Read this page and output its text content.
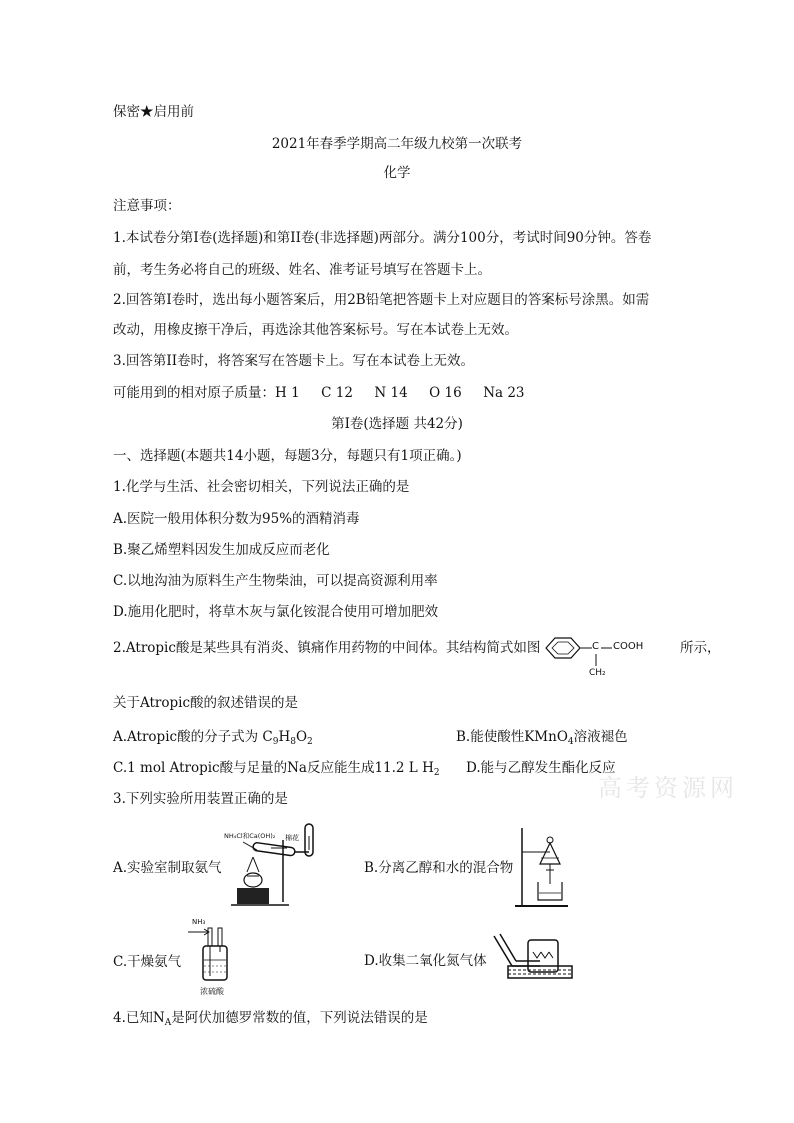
保密★启用前
2021年春季学期高二年级九校第一次联考
化学
注意事项：
1.本试卷分第I卷(选择题)和第II卷(非选择题)两部分。满分100分，考试时间90分钟。答卷
前，考生务必将自己的班级、姓名、准考证号填写在答题卡上。
2.回答第I卷时，选出每小题答案后，用2B铅笔把答题卡上对应题目的答案标号涂黑。如需
改动，用橡皮擦干净后，再选涂其他答案标号。写在本试卷上无效。
3.回答第II卷时，将答案写在答题卡上。写在本试卷上无效。
可能用到的相对原子质量：H 1 C 12 N 14 O 16 Na 23
第I卷(选择题 共42分)
一、选择题(本题共14小题，每题3分，每题只有1项正确。)
1.化学与生活、社会密切相关，下列说法正确的是
A.医院一般用体积分数为95%的酒精消毒
B.聚乙烯塑料因发生加成反应而老化
C.以地沟油为原料生产生物柴油，可以提高资源利用率
D.施用化肥时，将草木灰与氯化铵混合使用可增加肥效
2.Atropic酸是某些具有消炎、镇痛作用药物的中间体。其结构简式如图	C COOH
CH₂
所示，
关于Atropic酸的叙述错误的是
A.Atropic酸的分子式为 $C_9H_8O_2$	B.能使酸性KMnO$_4$溶液褪色
C.1 mol Atropic酸与足量的Na反应能生成11.2 L $H_2$ D.能与乙醇发生酯化反应
高考资源网
3.下列实验所用装置正确的是
A.实验室制取氨气
NH₄Cl和Ca(OH)₂ 棉花
B.分离乙醇和水的混合物
C.干燥氨气
NH₃
浓硫酸
D.收集二氧化氮气体
4.已知$N_A$是阿伏加德罗常数的值，下列说法错误的是
